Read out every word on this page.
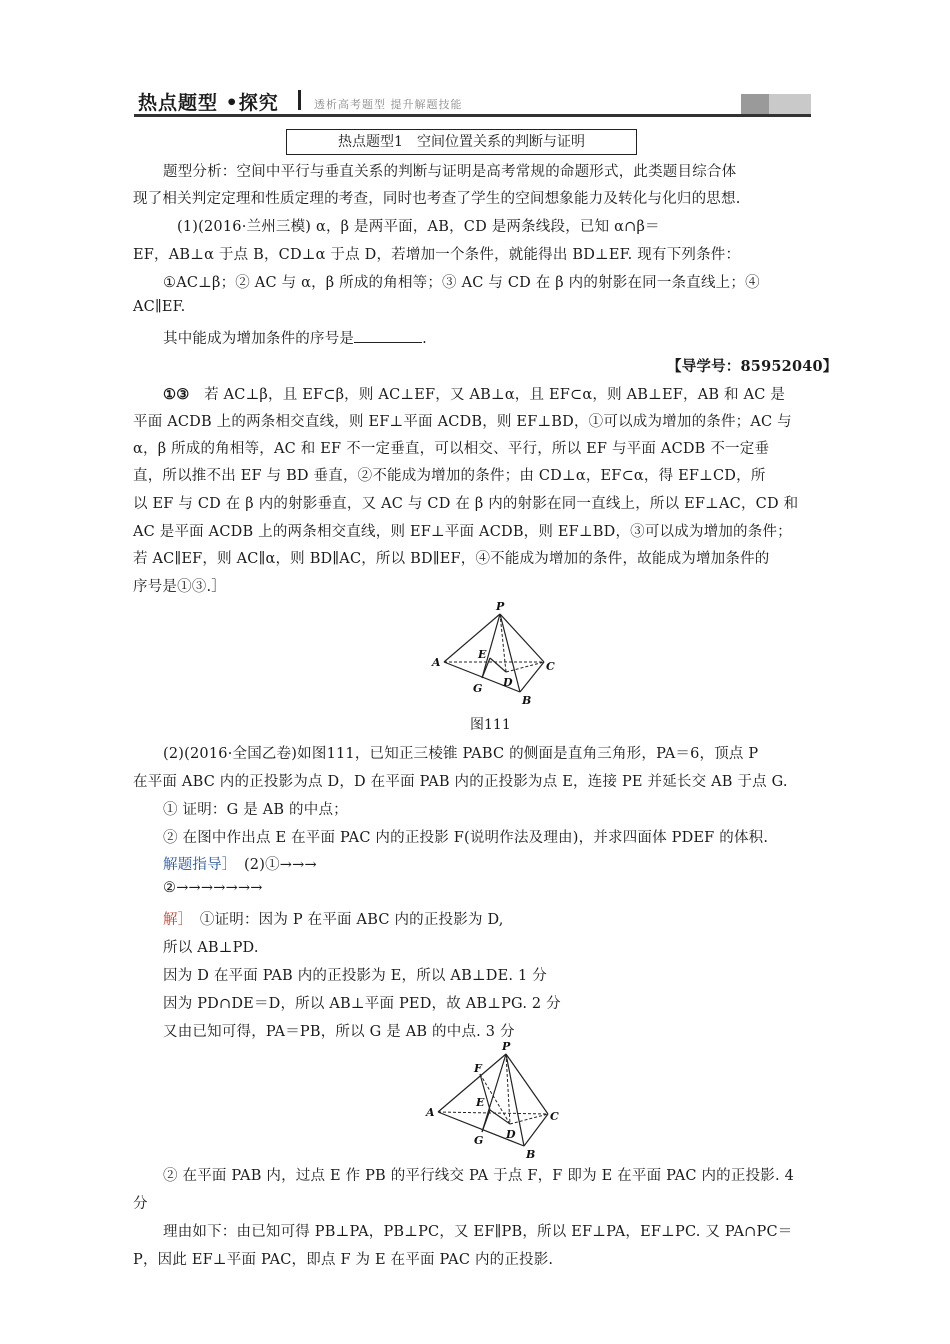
热点题型 •探究	透析高考题型 提升解题技能
热点题型1　空间位置关系的判断与证明
题型分析：空间中平行与垂直关系的判断与证明是高考常规的命题形式，此类题目综合体
现了相关判定定理和性质定理的考查，同时也考查了学生的空间想象能力及转化与化归的思想.
(1)(2016·兰州三模) α，β 是两平面，AB，CD 是两条线段，已知 α∩β＝
EF，AB⊥α 于点 B，CD⊥α 于点 D，若增加一个条件，就能得出 BD⊥EF. 现有下列条件：
①AC⊥β；② AC 与 α，β 所成的角相等；③ AC 与 CD 在 β 内的射影在同一条直线上；④
AC∥EF.
其中能成为增加条件的序号是	.
【导学号：85952040】
①③　若 AC⊥β，且 EF⊂β，则 AC⊥EF，又 AB⊥α，且 EF⊂α，则 AB⊥EF，AB 和 AC 是
平面 ACDB 上的两条相交直线，则 EF⊥平面 ACDB，则 EF⊥BD，①可以成为增加的条件；AC 与
α，β 所成的角相等，AC 和 EF 不一定垂直，可以相交、平行，所以 EF 与平面 ACDB 不一定垂
直，所以推不出 EF 与 BD 垂直，②不能成为增加的条件；由 CD⊥α，EF⊂α，得 EF⊥CD，所
以 EF 与 CD 在 β 内的射影垂直，又 AC 与 CD 在 β 内的射影在同一直线上，所以 EF⊥AC，CD 和
AC 是平面 ACDB 上的两条相交直线，则 EF⊥平面 ACDB，则 EF⊥BD，③可以成为增加的条件；
若 AC∥EF，则 AC∥α，则 BD∥AC，所以 BD∥EF，④不能成为增加的条件，故能成为增加条件的
序号是①③.］
P
E
A	C
G D
B
图111
(2)(2016·全国乙卷)如图111，已知正三棱锥 PABC 的侧面是直角三角形，PA＝6，顶点 P
在平面 ABC 内的正投影为点 D，D 在平面 PAB 内的正投影为点 E，连接 PE 并延长交 AB 于点 G.
① 证明：G 是 AB 的中点；
② 在图中作出点 E 在平面 PAC 内的正投影 F(说明作法及理由)，并求四面体 PDEF 的体积.
解题指导］　(2)①→→→
②→→→→→→→
解］　①证明：因为 P 在平面 ABC 内的正投影为 D,
所以 AB⊥PD.
因为 D 在平面 PAB 内的正投影为 E，所以 AB⊥DE. 1 分
因为 PD∩DE＝D，所以 AB⊥平面 PED，故 AB⊥PG. 2 分
又由已知可得，PA＝PB，所以 G 是 AB 的中点. 3 分
P
F
E
A	C
G D
B
② 在平面 PAB 内，过点 E 作 PB 的平行线交 PA 于点 F，F 即为 E 在平面 PAC 内的正投影. 4
分
理由如下：由已知可得 PB⊥PA，PB⊥PC，又 EF∥PB，所以 EF⊥PA，EF⊥PC. 又 PA∩PC＝
P，因此 EF⊥平面 PAC，即点 F 为 E 在平面 PAC 内的正投影.
